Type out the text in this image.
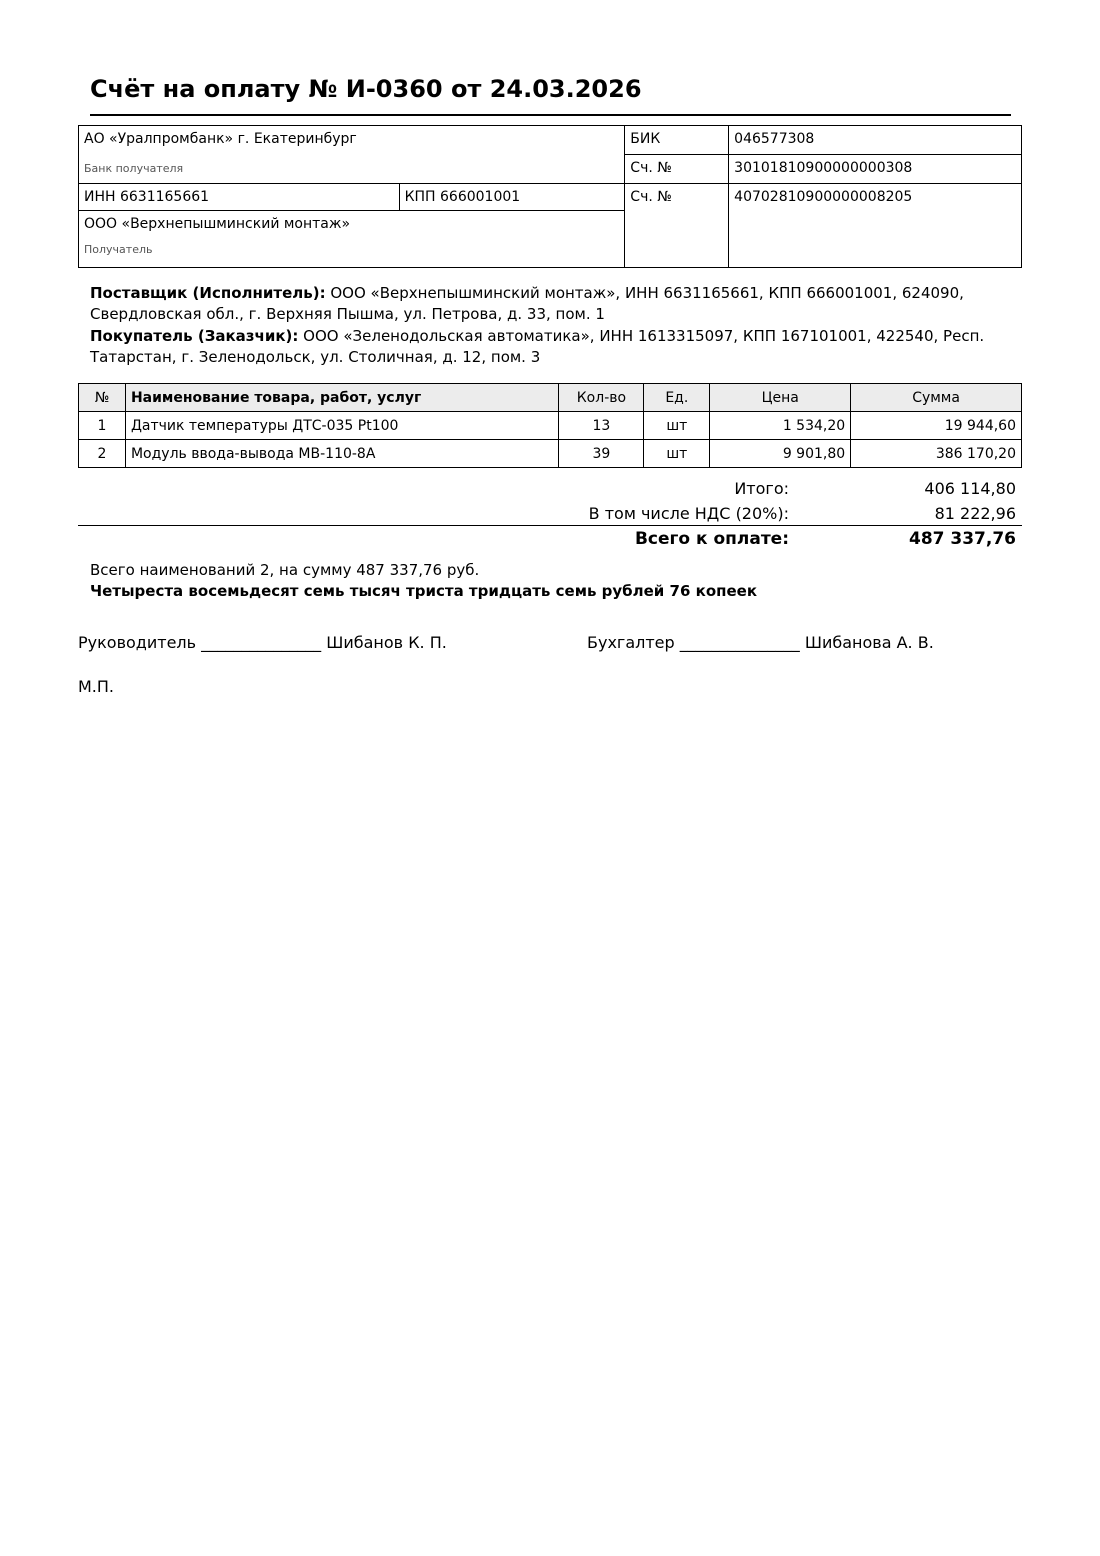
Счёт на оплату № И-0360 от 24.03.2026
АО «Уралпромбанк» г. Екатеринбург		БИК	046577308
Банк получателя		Сч. №	30101810900000000308
ИНН 6631165661	КПП 666001001	Сч. №	40702810900000008205
ООО «Верхнепышминский монтаж»			
Получатель			

Поставщик (Исполнитель): ООО «Верхнепышминский монтаж», ИНН 6631165661, КПП 666001001, 624090, Свердловская обл., г. Верхняя Пышма, ул. Петрова, д. 33, пом. 1

Покупатель (Заказчик): ООО «Зеленодольская автоматика», ИНН 1613315097, КПП 167101001, 422540, Респ. Татарстан, г. Зеленодольск, ул. Столичная, д. 12, пом. 3

№	Наименование товара, работ, услуг	Кол-во	Ед.	Цена	Сумма
1	Датчик температуры ДТС-035 Pt100	13	шт	1 534,20	19 944,60
2	Модуль ввода-вывода МВ-110-8А	39	шт	9 901,80	386 170,20
Итого:	406 114,80
В том числе НДС (20%):	81 222,96
Всего к оплате:	487 337,76
Всего наименований 2, на сумму 487 337,76 руб.
Четыреста восемьдесят семь тысяч триста тридцать семь рублей 76 копеек
Руководитель _______________ Шибанов К. П.	Бухгалтер _______________ Шибанова А. В.
М.П.
